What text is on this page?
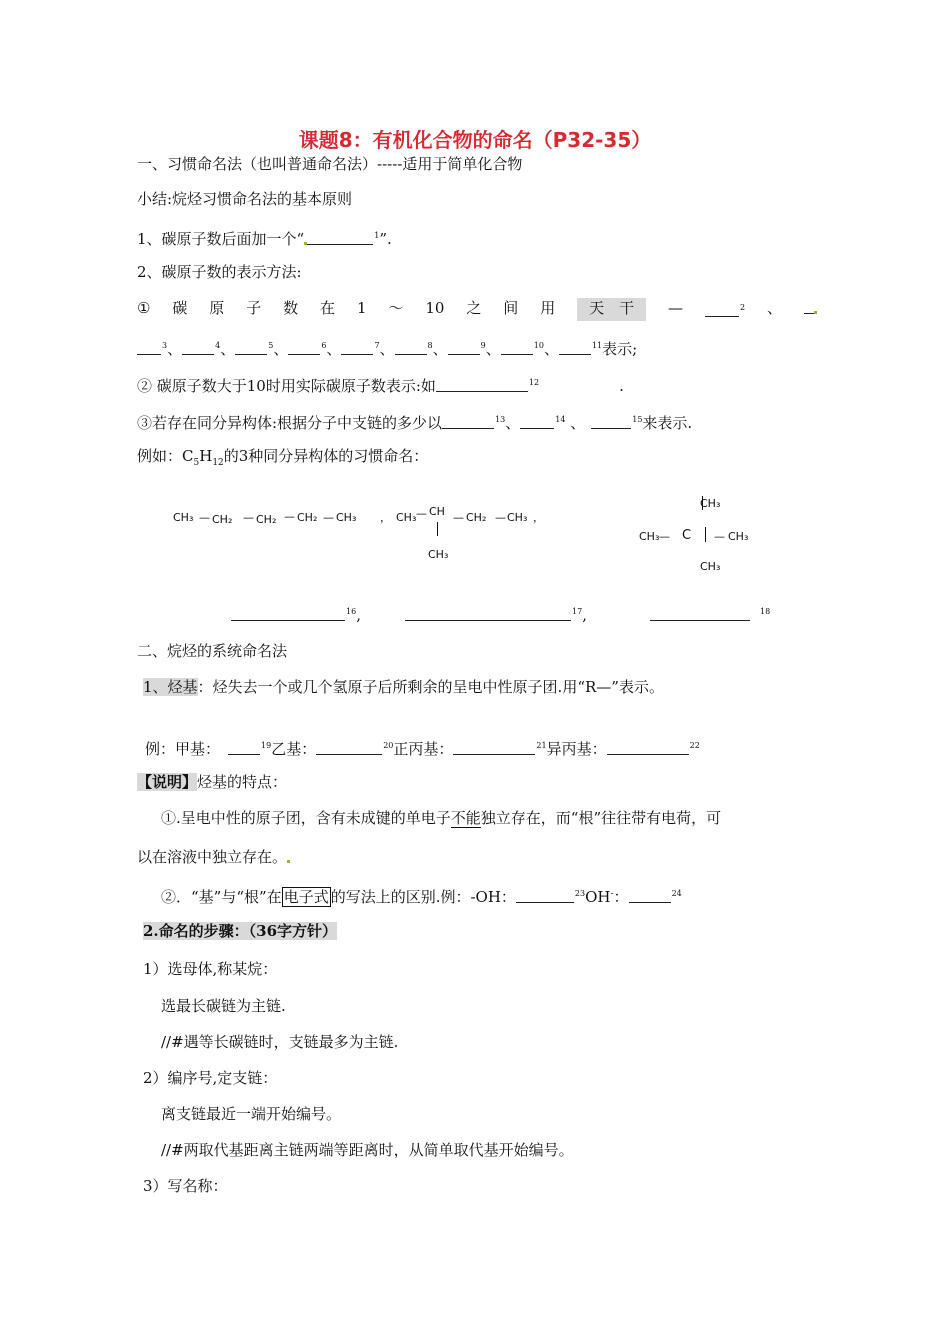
课题8：有机化合物的命名（P32-35）
一、习惯命名法（也叫普通命名法）-----适用于简单化合物
小结:烷烃习惯命名法的基本原则
1、碳原子数后面加一个“	$^1$”.
2、碳原子数的表示方法:
① 碳 原 子 数 在 1 ～ 10 之 间 用	天　干	—	$^2$ 、
$^3$、	$^4$、	$^5$、	$^6$、	$^7$、	$^8$、	$^9$、	$^{10}$、	$^{11}$表示;
② 碳原子数大于10时用实际碳原子数表示:如	$^{12}$	.
③若存在同分异构体:根据分子中支链的多少以	$^{13}$、	$^{14}$ 、	$^{15}$来表示.
例如：$C_5H_{12}$的3种同分异构体的习惯命名：
CH₃ — CH₂ — CH₂ — CH₂ — CH₃ ， CH₃ — CH
CH₃
— CH₂ — CH₃ ，
CH₃
CH₃ — C — CH₃
CH₃
$^{16}$,	$^{17}$,	$^{18}$
二、烷烃的系统命名法
1、烃基：烃失去一个或几个氢原子后所剩余的呈电中性原子团.用“R—”表示。
例：甲基：	$^{19}$乙基：	$^{20}$正丙基：	$^{21}$异丙基：	$^{22}$
【说明】烃基的特点：
①.呈电中性的原子团，含有未成键的单电子不能独立存在，而“根”往往带有电荷，可
以在溶液中独立存在。
②．“基”与“根”在 电子式 的写法上的区别.例：-OH：	$^{23}$OH-：	$^{24}$
2.命名的步骤：（36字方针）
1）选母体,称某烷：
选最长碳链为主链.
//#遇等长碳链时，支链最多为主链.
2）编序号,定支链：
离支链最近一端开始编号。
//#两取代基距离主链两端等距离时，从简单取代基开始编号。
3）写名称：
